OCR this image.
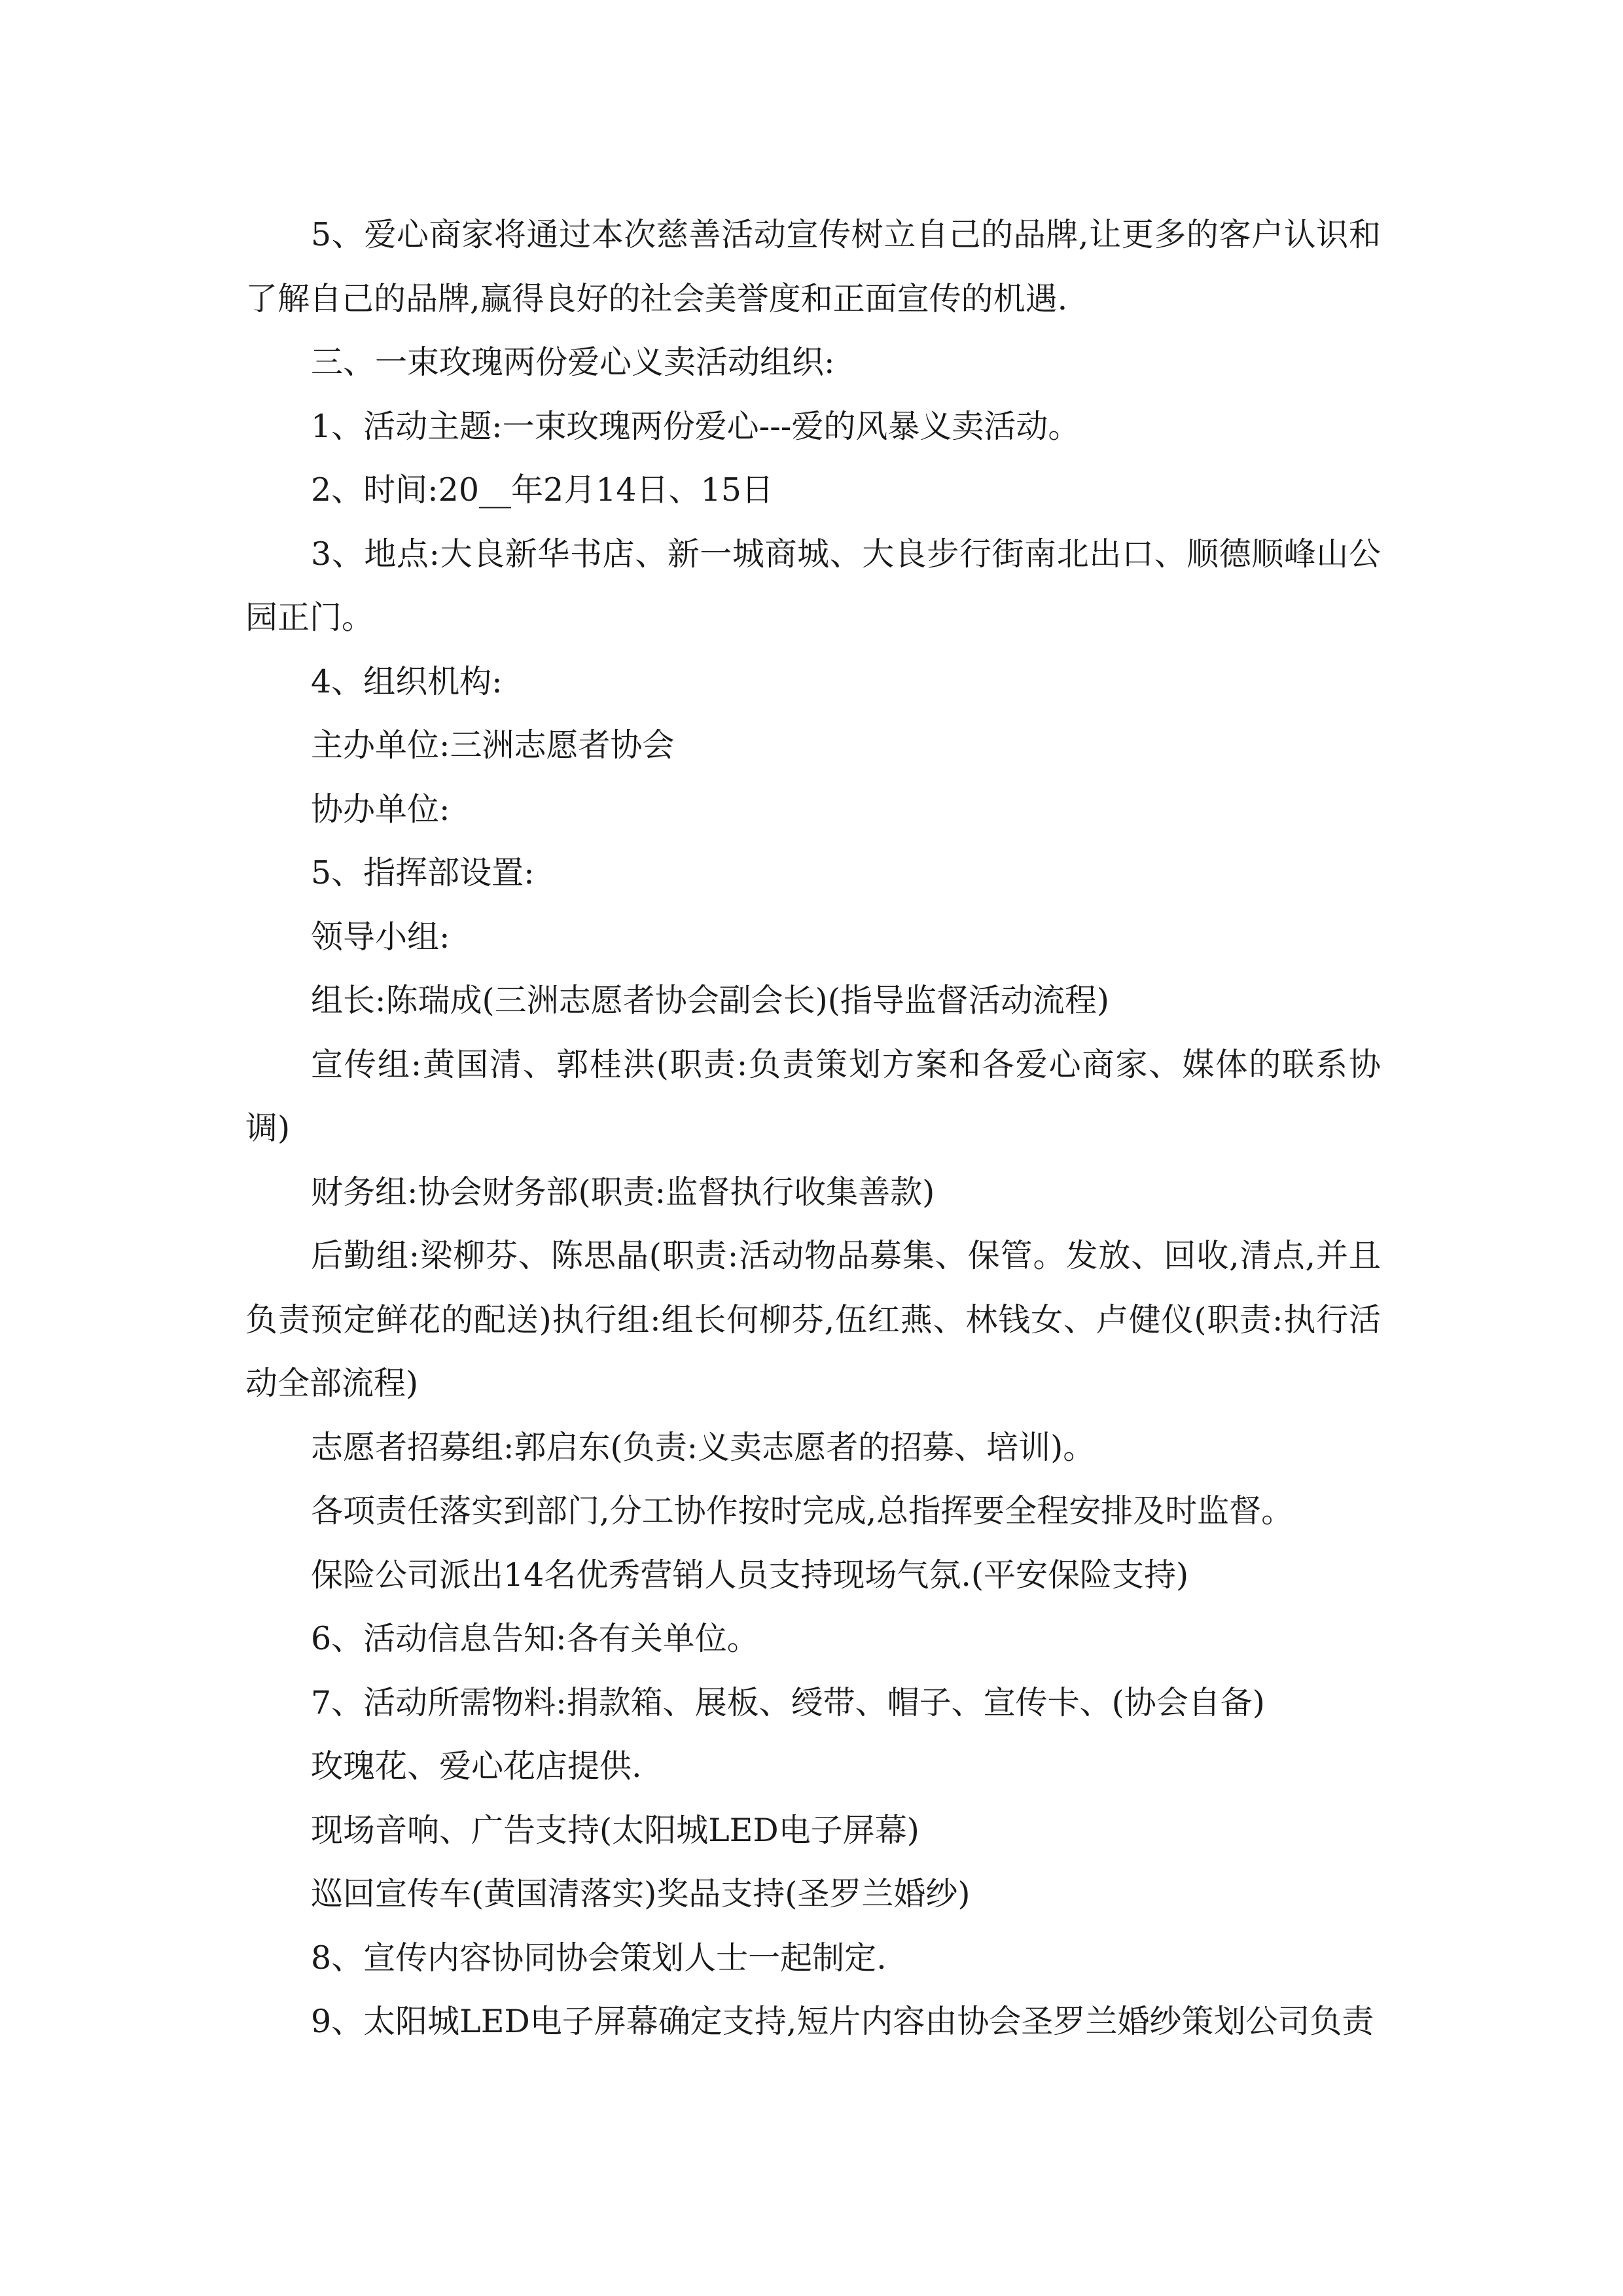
5、爱心商家将通过本次慈善活动宣传树立自己的品牌,让更多的客户认识和了解自己的品牌,赢得良好的社会美誉度和正面宣传的机遇.

三、一束玫瑰两份爱心义卖活动组织:

1、活动主题:一束玫瑰两份爱心---爱的风暴义卖活动。

2、时间:20__年2月14日、15日

3、地点:大良新华书店、新一城商城、大良步行街南北出口、顺德顺峰山公园正门。

4、组织机构:

主办单位:三洲志愿者协会

协办单位:

5、指挥部设置:

领导小组:

组长:陈瑞成(三洲志愿者协会副会长)(指导监督活动流程)

宣传组:黄国清、郭桂洪(职责:负责策划方案和各爱心商家、媒体的联系协调)

财务组:协会财务部(职责:监督执行收集善款)

后勤组:梁柳芬、陈思晶(职责:活动物品募集、保管。发放、回收,清点,并且负责预定鲜花的配送)执行组:组长何柳芬,伍红燕、林钱女、卢健仪(职责:执行活动全部流程)

志愿者招募组:郭启东(负责:义卖志愿者的招募、培训)。

各项责任落实到部门,分工协作按时完成,总指挥要全程安排及时监督。

保险公司派出14名优秀营销人员支持现场气氛.(平安保险支持)

6、活动信息告知:各有关单位。

7、活动所需物料:捐款箱、展板、绶带、帽子、宣传卡、(协会自备)

玫瑰花、爱心花店提供.

现场音响、广告支持(太阳城LED电子屏幕)

巡回宣传车(黄国清落实)奖品支持(圣罗兰婚纱)

8、宣传内容协同协会策划人士一起制定.

9、太阳城LED电子屏幕确定支持,短片内容由协会圣罗兰婚纱策划公司负责
